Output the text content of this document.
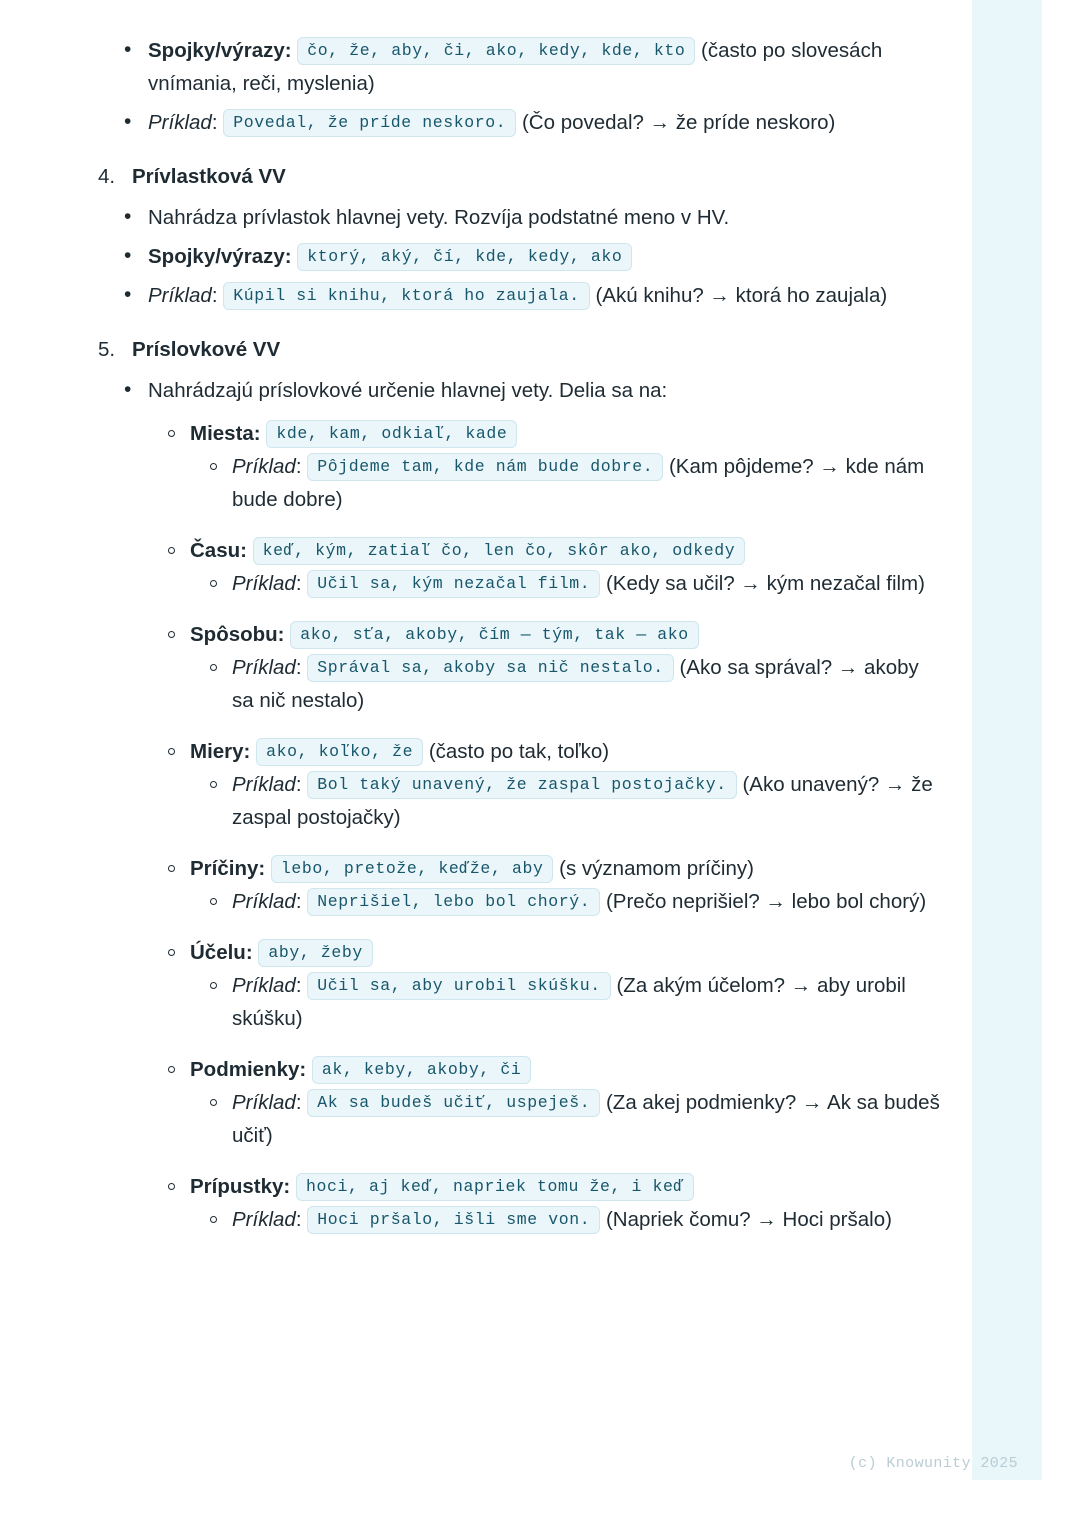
• Spojky/výrazy: čo, že, aby, či, ako, kedy, kde, kto (často po slovesách vnímania, reči, myslenia)
• Príklad: Povedal, že príde neskoro. (Čo povedal? → že príde neskoro)
4. Prívlastková VV
• Nahrádza prívlastok hlavnej vety. Rozvíja podstatné meno v HV.
• Spojky/výrazy: ktorý, aký, čí, kde, kedy, ako
• Príklad: Kúpil si knihu, ktorá ho zaujala. (Akú knihu? → ktorá ho zaujala)
5. Príslovkové VV
• Nahrádzajú príslovkové určenie hlavnej vety. Delia sa na:
Miesta: kde, kam, odkiaľ, kade
Príklad: Pôjdeme tam, kde nám bude dobre. (Kam pôjdeme? → kde nám bude dobre)
Času: keď, kým, zatiaľ čo, len čo, skôr ako, odkedy
Príklad: Učil sa, kým nezačal film. (Kedy sa učil? → kým nezačal film)
Spôsobu: ako, sťa, akoby, čím — tým, tak — ako
Príklad: Správal sa, akoby sa nič nestalo. (Ako sa správal? → akoby sa nič nestalo)
Miery: ako, koľko, že (často po tak, toľko)
Príklad: Bol taký unavený, že zaspal postojačky. (Ako unavený? → že zaspal postojačky)
Príčiny: lebo, pretože, keďže, aby (s významom príčiny)
Príklad: Neprišiel, lebo bol chorý. (Prečo neprišiel? → lebo bol chorý)
Účelu: aby, žeby
Príklad: Učil sa, aby urobil skúšku. (Za akým účelom? → aby urobil skúšku)
Podmienky: ak, keby, akoby, či
Príklad: Ak sa budeš učiť, uspeješ. (Za akej podmienky? → Ak sa budeš učiť)
Prípustky: hoci, aj keď, napriek tomu že, i keď
Príklad: Hoci pršalo, išli sme von. (Napriek čomu? → Hoci pršalo)
(c) Knowunity 2025
